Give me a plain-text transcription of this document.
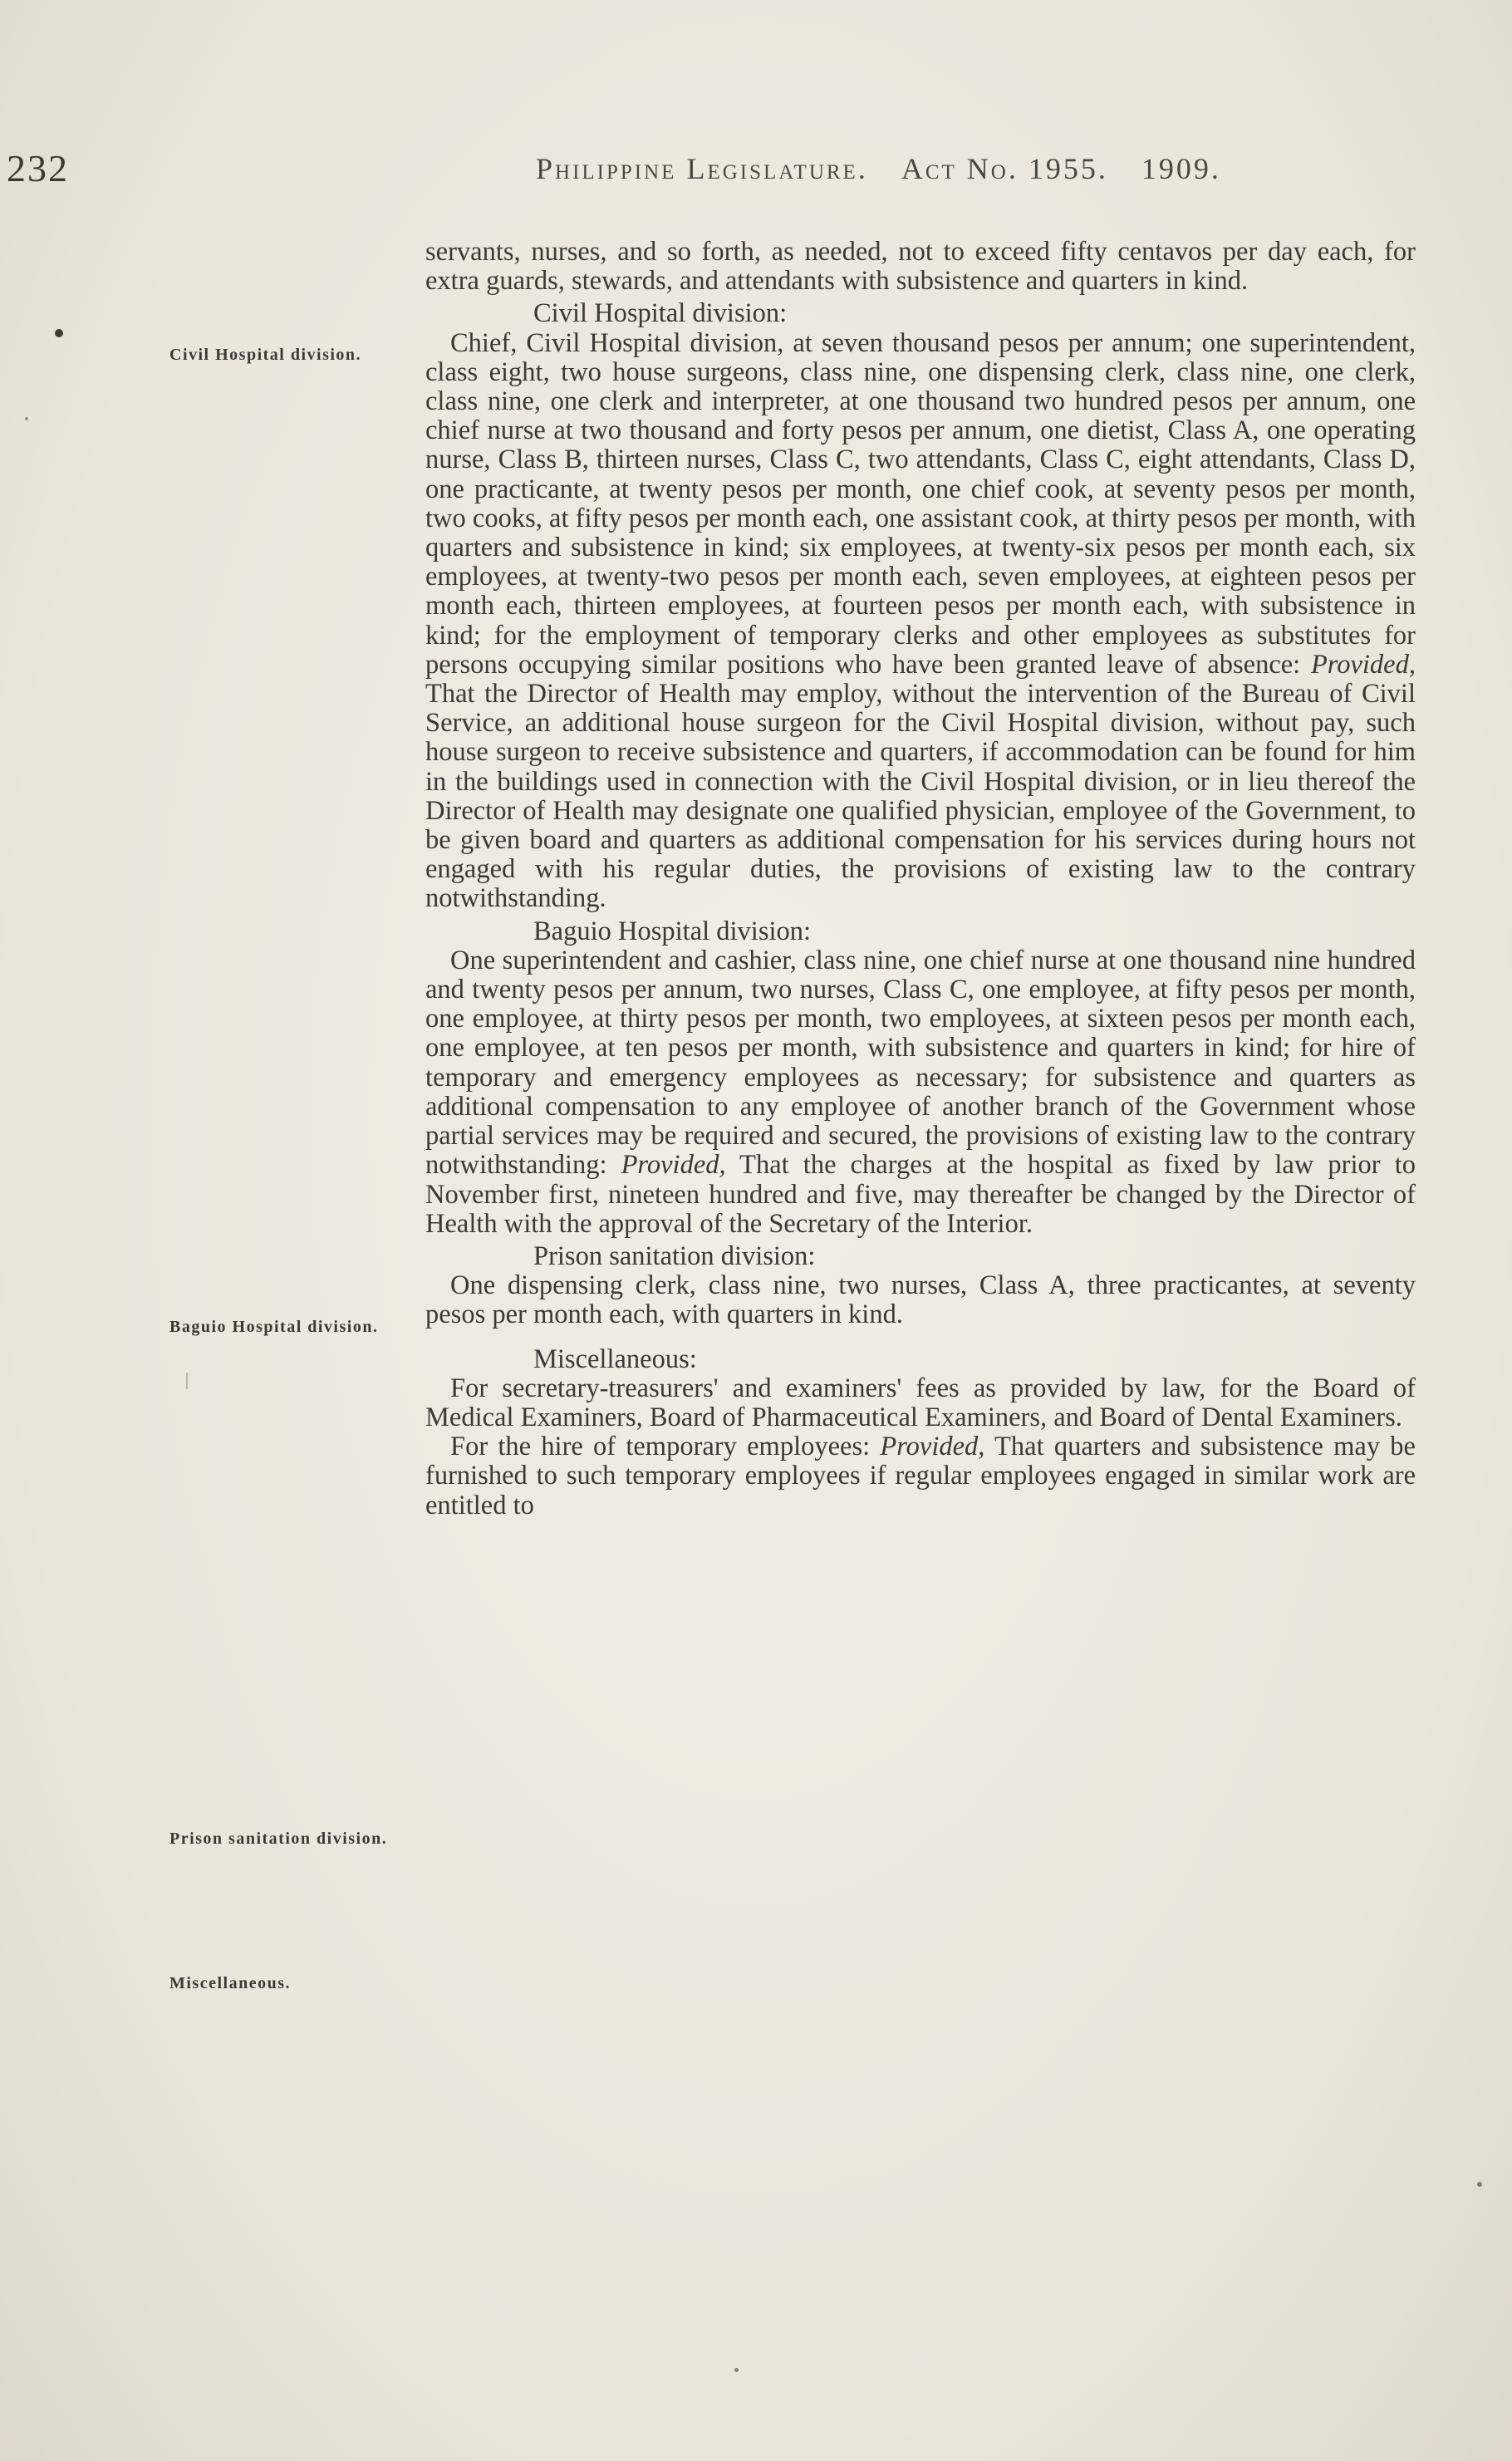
232	Philippine Legislature. Act No. 1955. 1909.
Civil Hospital division.
Baguio Hospital division.
Prison sanitation division.
Miscellaneous.

servants, nurses, and so forth, as needed, not to exceed fifty centavos per day each, for extra guards, stewards, and attendants with subsistence and quarters in kind.

Civil Hospital division:

Chief, Civil Hospital division, at seven thousand pesos per annum; one superintendent, class eight, two house surgeons, class nine, one dispensing clerk, class nine, one clerk, class nine, one clerk and interpreter, at one thousand two hundred pesos per annum, one chief nurse at two thousand and forty pesos per annum, one dietist, Class A, one operating nurse, Class B, thirteen nurses, Class C, two attendants, Class C, eight attendants, Class D, one practicante, at twenty pesos per month, one chief cook, at seventy pesos per month, two cooks, at fifty pesos per month each, one assistant cook, at thirty pesos per month, with quarters and subsistence in kind; six employees, at twenty-six pesos per month each, six employees, at twenty-two pesos per month each, seven employees, at eighteen pesos per month each, thirteen employees, at fourteen pesos per month each, with subsistence in kind; for the employment of temporary clerks and other employees as substitutes for persons occupying similar positions who have been granted leave of absence: Provided, That the Director of Health may employ, without the intervention of the Bureau of Civil Service, an additional house surgeon for the Civil Hospital division, without pay, such house surgeon to receive subsistence and quarters, if accommodation can be found for him in the buildings used in connection with the Civil Hospital division, or in lieu thereof the Director of Health may designate one qualified physician, employee of the Government, to be given board and quarters as additional compensation for his services during hours not engaged with his regular duties, the provisions of existing law to the contrary notwithstanding.

Baguio Hospital division:

One superintendent and cashier, class nine, one chief nurse at one thousand nine hundred and twenty pesos per annum, two nurses, Class C, one employee, at fifty pesos per month, one employee, at thirty pesos per month, two employees, at sixteen pesos per month each, one employee, at ten pesos per month, with subsistence and quarters in kind; for hire of temporary and emergency employees as necessary; for subsistence and quarters as additional compensation to any employee of another branch of the Government whose partial services may be required and secured, the provisions of existing law to the contrary notwithstanding: Provided, That the charges at the hospital as fixed by law prior to November first, nineteen hundred and five, may thereafter be changed by the Director of Health with the approval of the Secretary of the Interior.

Prison sanitation division:

One dispensing clerk, class nine, two nurses, Class A, three practicantes, at seventy pesos per month each, with quarters in kind.

Miscellaneous:

For secretary-treasurers' and examiners' fees as provided by law, for the Board of Medical Examiners, Board of Pharmaceutical Examiners, and Board of Dental Examiners.

For the hire of temporary employees: Provided, That quarters and subsistence may be furnished to such temporary employees if regular employees engaged in similar work are entitled to
